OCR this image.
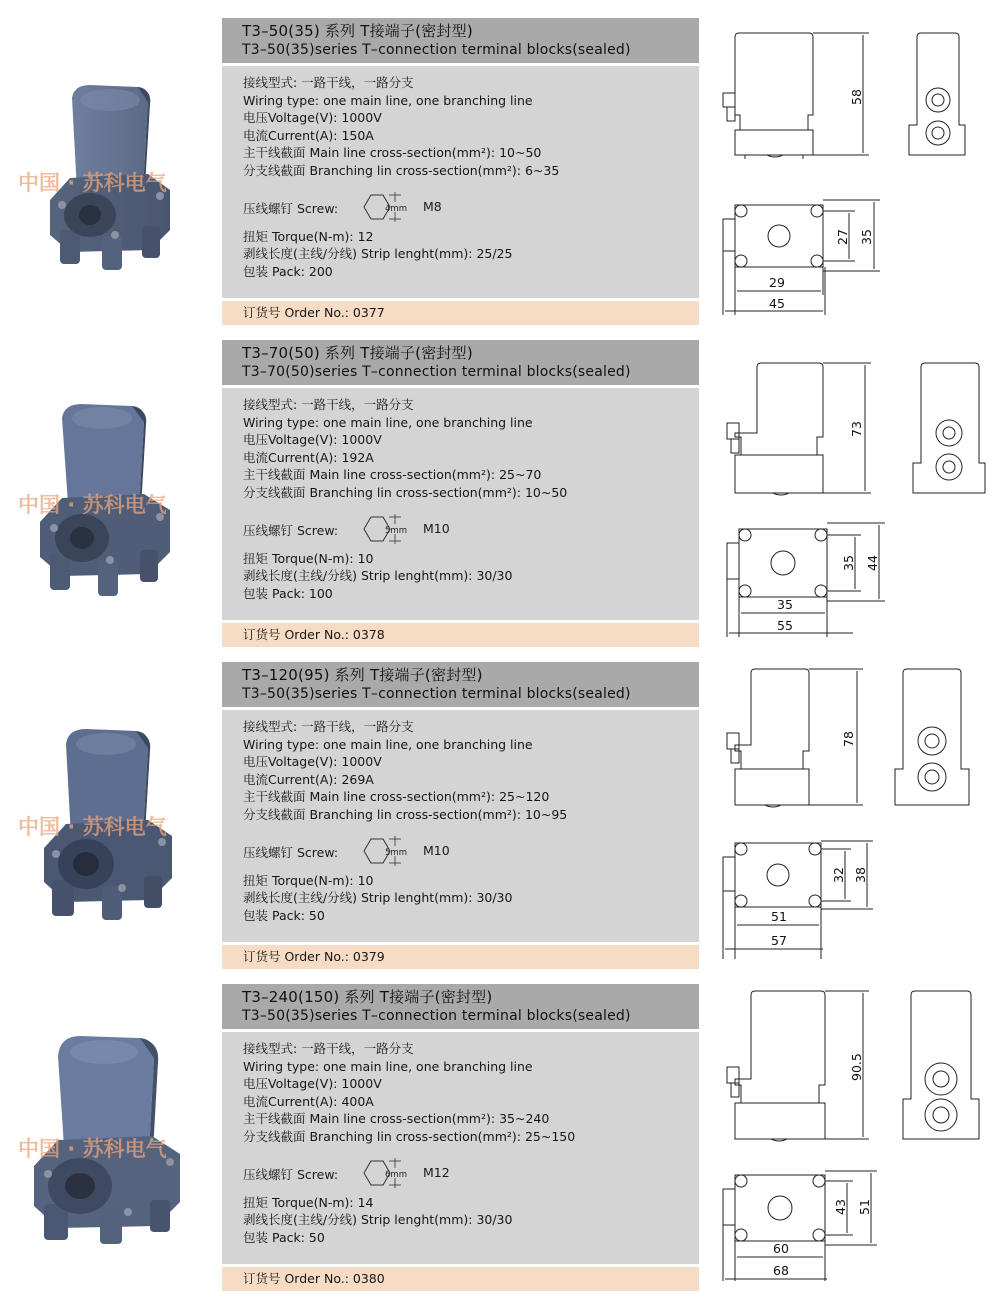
中国 · 苏科电气
T3–50(35) 系列 T接端子(密封型)
T3–50(35)series T–connection terminal blocks(sealed)
接线型式: 一路干线，一路分支
Wiring type: one main line, one branching line
电压Voltage(V): 1000V
电流Current(A): 150A
主干线截面 Main line cross-section(mm²): 10~50
分支线截面 Branching lin cross-section(mm²): 6~35
压线螺钉 Screw:	4mm M8
扭矩 Torque(N-m): 12
剥线长度(主线/分线) Strip lenght(mm): 25/25
包装 Pack: 200
订货号 Order No.: 0377
58
27 35
29
45
中国 · 苏科电气
T3–70(50) 系列 T接端子(密封型)
T3–70(50)series T–connection terminal blocks(sealed)
接线型式: 一路干线，一路分支
Wiring type: one main line, one branching line
电压Voltage(V): 1000V
电流Current(A): 192A
主干线截面 Main line cross-section(mm²): 25~70
分支线截面 Branching lin cross-section(mm²): 10~50
压线螺钉 Screw:	5mm M10
扭矩 Torque(N-m): 10
剥线长度(主线/分线) Strip lenght(mm): 30/30
包装 Pack: 100
订货号 Order No.: 0378
73
35 44
35
55
中国 · 苏科电气
T3–120(95) 系列 T接端子(密封型)
T3–50(35)series T–connection terminal blocks(sealed)
接线型式: 一路干线，一路分支
Wiring type: one main line, one branching line
电压Voltage(V): 1000V
电流Current(A): 269A
主干线截面 Main line cross-section(mm²): 25~120
分支线截面 Branching lin cross-section(mm²): 10~95
压线螺钉 Screw:	5mm M10
扭矩 Torque(N-m): 10
剥线长度(主线/分线) Strip lenght(mm): 30/30
包装 Pack: 50
订货号 Order No.: 0379
78
32 38
51
57
中国 · 苏科电气
T3–240(150) 系列 T接端子(密封型)
T3–50(35)series T–connection terminal blocks(sealed)
接线型式: 一路干线，一路分支
Wiring type: one main line, one branching line
电压Voltage(V): 1000V
电流Current(A): 400A
主干线截面 Main line cross-section(mm²): 35~240
分支线截面 Branching lin cross-section(mm²): 25~150
压线螺钉 Screw:	6mm M12
扭矩 Torque(N-m): 14
剥线长度(主线/分线) Strip lenght(mm): 30/30
包装 Pack: 50
订货号 Order No.: 0380
90.5
43 51
60
68
